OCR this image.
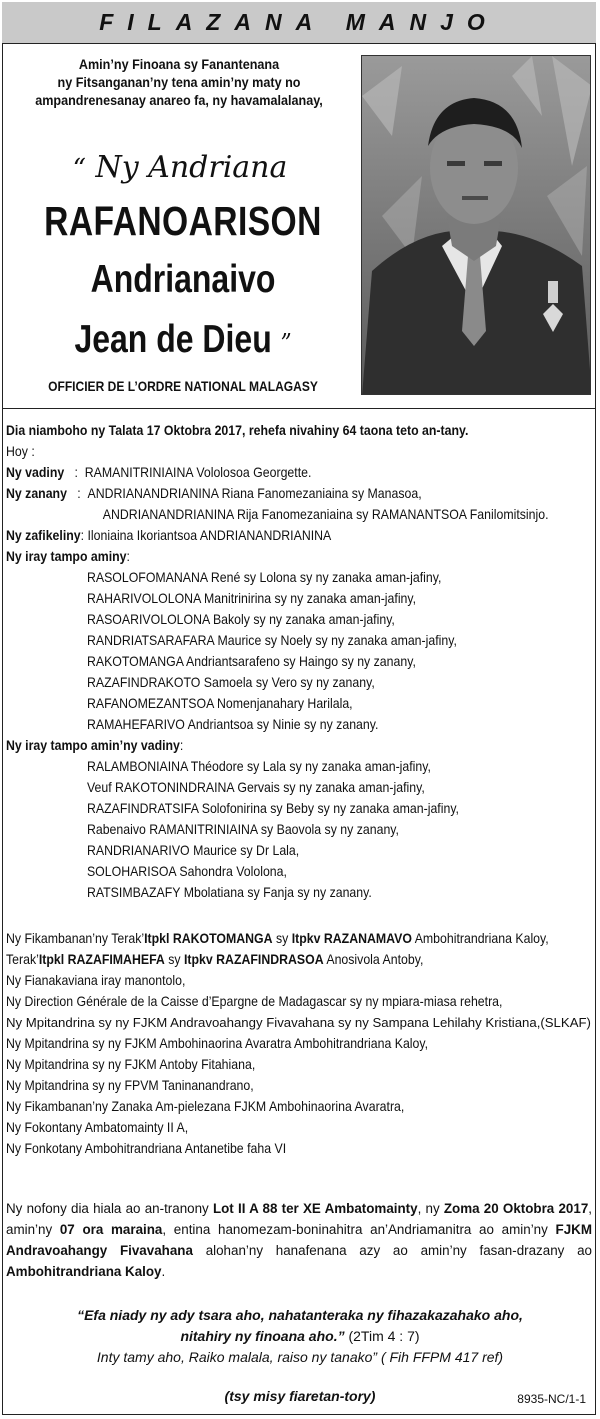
FILAZANA MANJO
Amin’ny Finoana sy Fanantenana
ny Fitsanganan’ny tena amin’ny maty no
ampandrenesanay anareo fa, ny havamalalanay,
“ Ny Andriana
RAFANOARISON
Andrianaivo
Jean de Dieu ”
OFFICIER DE L’ORDRE NATIONAL MALAGASY
Dia niamboho ny Talata 17 Oktobra 2017, rehefa nivahiny 64 taona teto an-tany.
Hoy :
Ny vadiny : RAMANITRINIAINA Vololosoa Georgette.
Ny zanany : ANDRIANANDRIANINA Riana Fanomezaniaina sy Manasoa,
ANDRIANANDRIANINA Rija Fanomezaniaina sy RAMANANTSOA Fanilomitsinjo.
Ny zafikeliny: Iloniaina Ikoriantsoa ANDRIANANDRIANINA
Ny iray tampo aminy:
RASOLOFOMANANA René sy Lolona sy ny zanaka aman-jafiny,
RAHARIVOLOLONA Manitrinirina sy ny zanaka aman-jafiny,
RASOARIVOLOLONA Bakoly sy ny zanaka aman-jafiny,
RANDRIATSARAFARA Maurice sy Noely sy ny zanaka aman-jafiny,
RAKOTOMANGA Andriantsarafeno sy Haingo sy ny zanany,
RAZAFINDRAKOTO Samoela sy Vero sy ny zanany,
RAFANOMEZANTSOA Nomenjanahary Harilala,
RAMAHEFARIVO Andriantsoa sy Ninie sy ny zanany.
Ny iray tampo amin’ny vadiny:
RALAMBONIAINA Théodore sy Lala sy ny zanaka aman-jafiny,
Veuf RAKOTONINDRAINA Gervais sy ny zanaka aman-jafiny,
RAZAFINDRATSIFA Solofonirina sy Beby sy ny zanaka aman-jafiny,
Rabenaivo RAMANITRINIAINA sy Baovola sy ny zanany,
RANDRIANARIVO Maurice sy Dr Lala,
SOLOHARISOA Sahondra Vololona,
RATSIMBAZAFY Mbolatiana sy Fanja sy ny zanany.
Ny Fikambanan’ny Terak’Itpkl RAKOTOMANGA sy Itpkv RAZANAMAVO Ambohitrandriana Kaloy,
Terak’Itpkl RAZAFIMAHEFA sy Itpkv RAZAFINDRASOA Anosivola Antoby,
Ny Fianakaviana iray manontolo,
Ny Direction Générale de la Caisse d’Epargne de Madagascar sy ny mpiara-miasa rehetra,
Ny Mpitandrina sy ny FJKM Andravoahangy Fivavahana sy ny Sampana Lehilahy Kristiana,(SLKAF)
Ny Mpitandrina sy ny FJKM Ambohinaorina Avaratra Ambohitrandriana Kaloy,
Ny Mpitandrina sy ny FJKM Antoby Fitahiana,
Ny Mpitandrina sy ny FPVM Taninanandrano,
Ny Fikambanan’ny Zanaka Am-pielezana FJKM Ambohinaorina Avaratra,
Ny Fokontany Ambatomainty II A,
Ny Fonkotany Ambohitrandriana Antanetibe faha VI
Ny nofony dia hiala ao an-tranony Lot II A 88 ter XE Ambatomainty, ny Zoma 20 Oktobra 2017, amin’ny 07 ora maraina, entina hanomezam-boninahitra an’Andriamanitra ao amin’ny FJKM Andravoahangy Fivavahana alohan’ny hanafenana azy ao amin’ny fasan-drazany ao Ambohitrandriana Kaloy.
“Efa niady ny ady tsara aho, nahatanteraka ny fihazakazahako aho,
nitahiry ny finoana aho.” (2Tim 4 : 7)
Inty tamy aho, Raiko malala, raiso ny tanako” ( Fih FFPM 417 ref)
(tsy misy fiaretan-tory)	8935-NC/1-1
